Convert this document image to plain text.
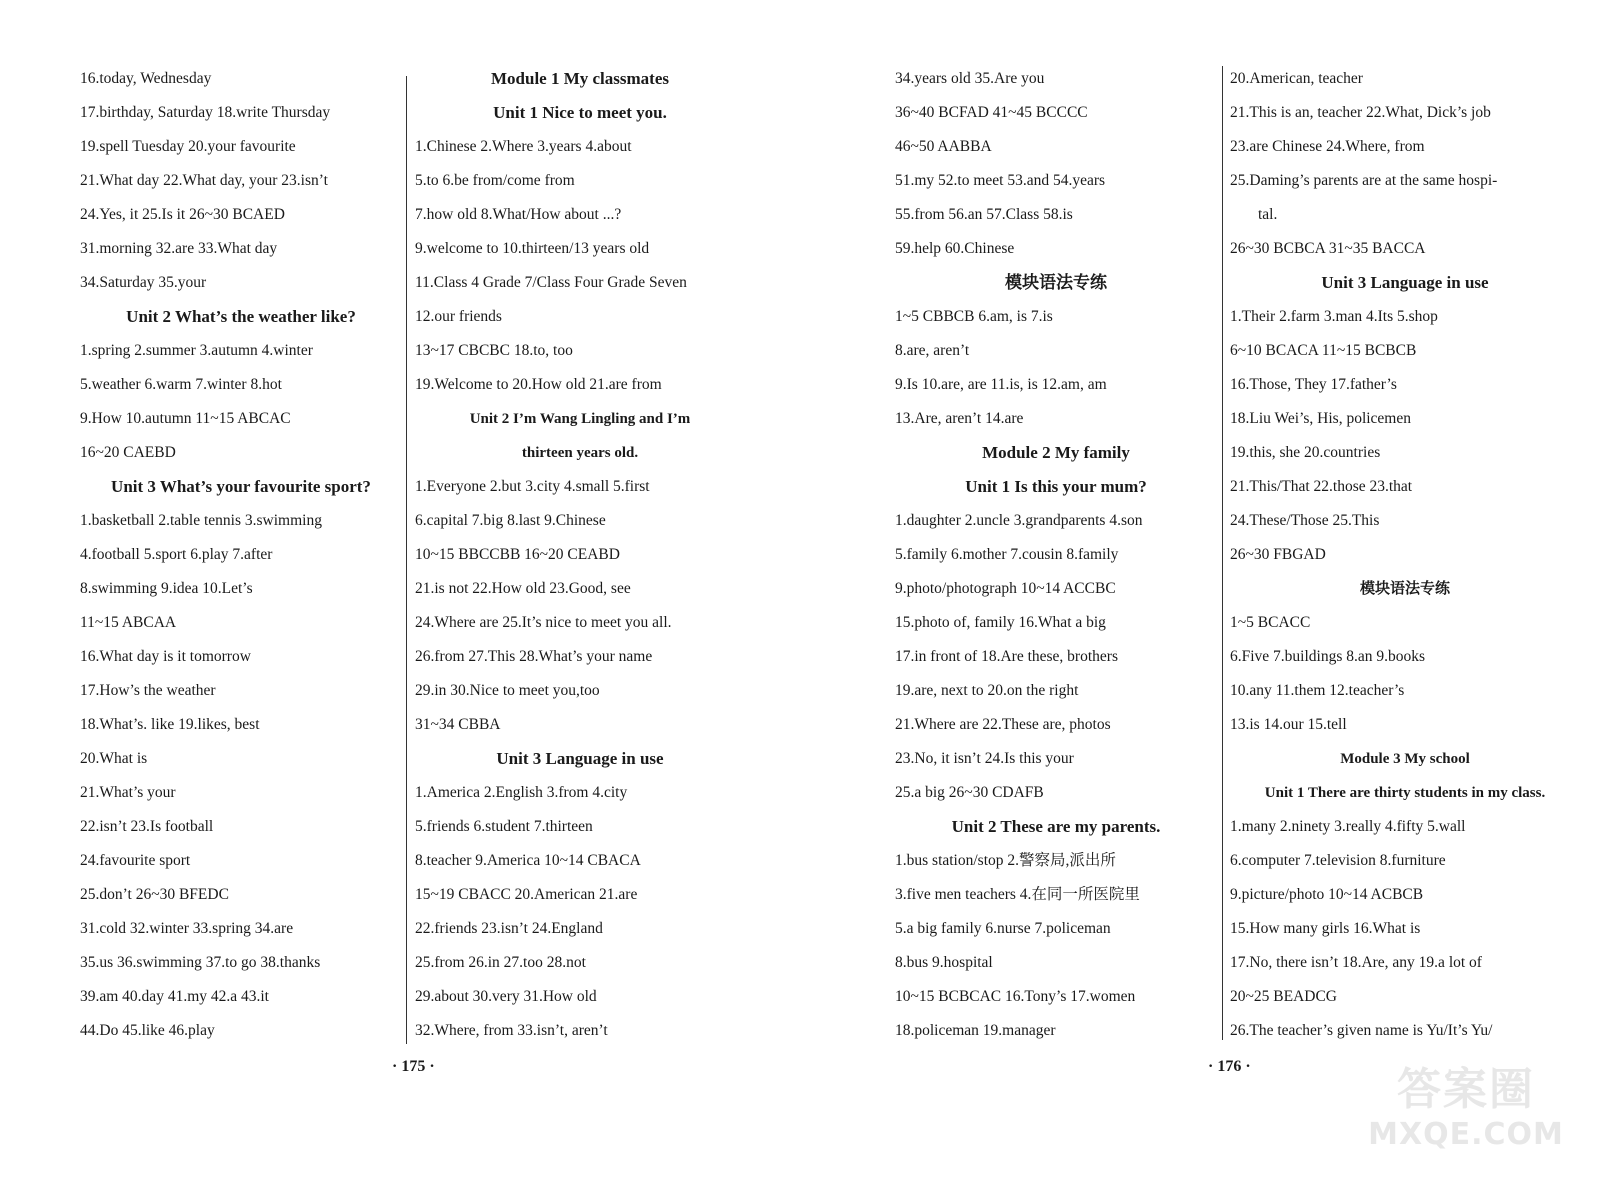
16.today, Wednesday
17.birthday, Saturday 18.write Thursday
19.spell Tuesday 20.your favourite
21.What day 22.What day, your 23.isn’t
24.Yes, it 25.Is it 26~30 BCAED
31.morning 32.are 33.What day
34.Saturday 35.your
Unit 2 What’s the weather like?
1.spring 2.summer 3.autumn 4.winter
5.weather 6.warm 7.winter 8.hot
9.How 10.autumn 11~15 ABCAC
16~20 CAEBD
Unit 3 What’s your favourite sport?
1.basketball 2.table tennis 3.swimming
4.football 5.sport 6.play 7.after
8.swimming 9.idea 10.Let’s
11~15 ABCAA
16.What day is it tomorrow
17.How’s the weather
18.What’s. like 19.likes, best
20.What is
21.What’s your
22.isn’t 23.Is football
24.favourite sport
25.don’t 26~30 BFEDC
31.cold 32.winter 33.spring 34.are
35.us 36.swimming 37.to go 38.thanks
39.am 40.day 41.my 42.a 43.it
44.Do 45.like 46.play
Module 1 My classmates
Unit 1 Nice to meet you.
1.Chinese 2.Where 3.years 4.about
5.to 6.be from/come from
7.how old 8.What/How about ...?
9.welcome to 10.thirteen/13 years old
11.Class 4 Grade 7/Class Four Grade Seven
12.our friends
13~17 CBCBC 18.to, too
19.Welcome to 20.How old 21.are from
Unit 2 I’m Wang Lingling and I’m
thirteen years old.
1.Everyone 2.but 3.city 4.small 5.first
6.capital 7.big 8.last 9.Chinese
10~15 BBCCBB 16~20 CEABD
21.is not 22.How old 23.Good, see
24.Where are 25.It’s nice to meet you all.
26.from 27.This 28.What’s your name
29.in 30.Nice to meet you,too
31~34 CBBA
Unit 3 Language in use
1.America 2.English 3.from 4.city
5.friends 6.student 7.thirteen
8.teacher 9.America 10~14 CBACA
15~19 CBACC 20.American 21.are
22.friends 23.isn’t 24.England
25.from 26.in 27.too 28.not
29.about 30.very 31.How old
32.Where, from 33.isn’t, aren’t
34.years old 35.Are you
36~40 BCFAD 41~45 BCCCC
46~50 AABBA
51.my 52.to meet 53.and 54.years
55.from 56.an 57.Class 58.is
59.help 60.Chinese
模块语法专练
1~5 CBBCB 6.am, is 7.is
8.are, aren’t
9.Is 10.are, are 11.is, is 12.am, am
13.Are, aren’t 14.are
Module 2 My family
Unit 1 Is this your mum?
1.daughter 2.uncle 3.grandparents 4.son
5.family 6.mother 7.cousin 8.family
9.photo/photograph 10~14 ACCBC
15.photo of, family 16.What a big
17.in front of 18.Are these, brothers
19.are, next to 20.on the right
21.Where are 22.These are, photos
23.No, it isn’t 24.Is this your
25.a big 26~30 CDAFB
Unit 2 These are my parents.
1.bus station/stop 2.警察局,派出所
3.five men teachers 4.在同一所医院里
5.a big family 6.nurse 7.policeman
8.bus 9.hospital
10~15 BCBCAC 16.Tony’s 17.women
18.policeman 19.manager
20.American, teacher
21.This is an, teacher 22.What, Dick’s job
23.are Chinese 24.Where, from
25.Daming’s parents are at the same hospi-
tal.
26~30 BCBCA 31~35 BACCA
Unit 3 Language in use
1.Their 2.farm 3.man 4.Its 5.shop
6~10 BCACA 11~15 BCBCB
16.Those, They 17.father’s
18.Liu Wei’s, His, policemen
19.this, she 20.countries
21.This/That 22.those 23.that
24.These/Those 25.This
26~30 FBGAD
模块语法专练
1~5 BCACC
6.Five 7.buildings 8.an 9.books
10.any 11.them 12.teacher’s
13.is 14.our 15.tell
Module 3 My school
Unit 1 There are thirty students in my class.
1.many 2.ninety 3.really 4.fifty 5.wall
6.computer 7.television 8.furniture
9.picture/photo 10~14 ACBCB
15.How many girls 16.What is
17.No, there isn’t 18.Are, any 19.a lot of
20~25 BEADCG
26.The teacher’s given name is Yu/It’s Yu/
· 175 ·	· 176 ·	答案圈
MXQE.COM
